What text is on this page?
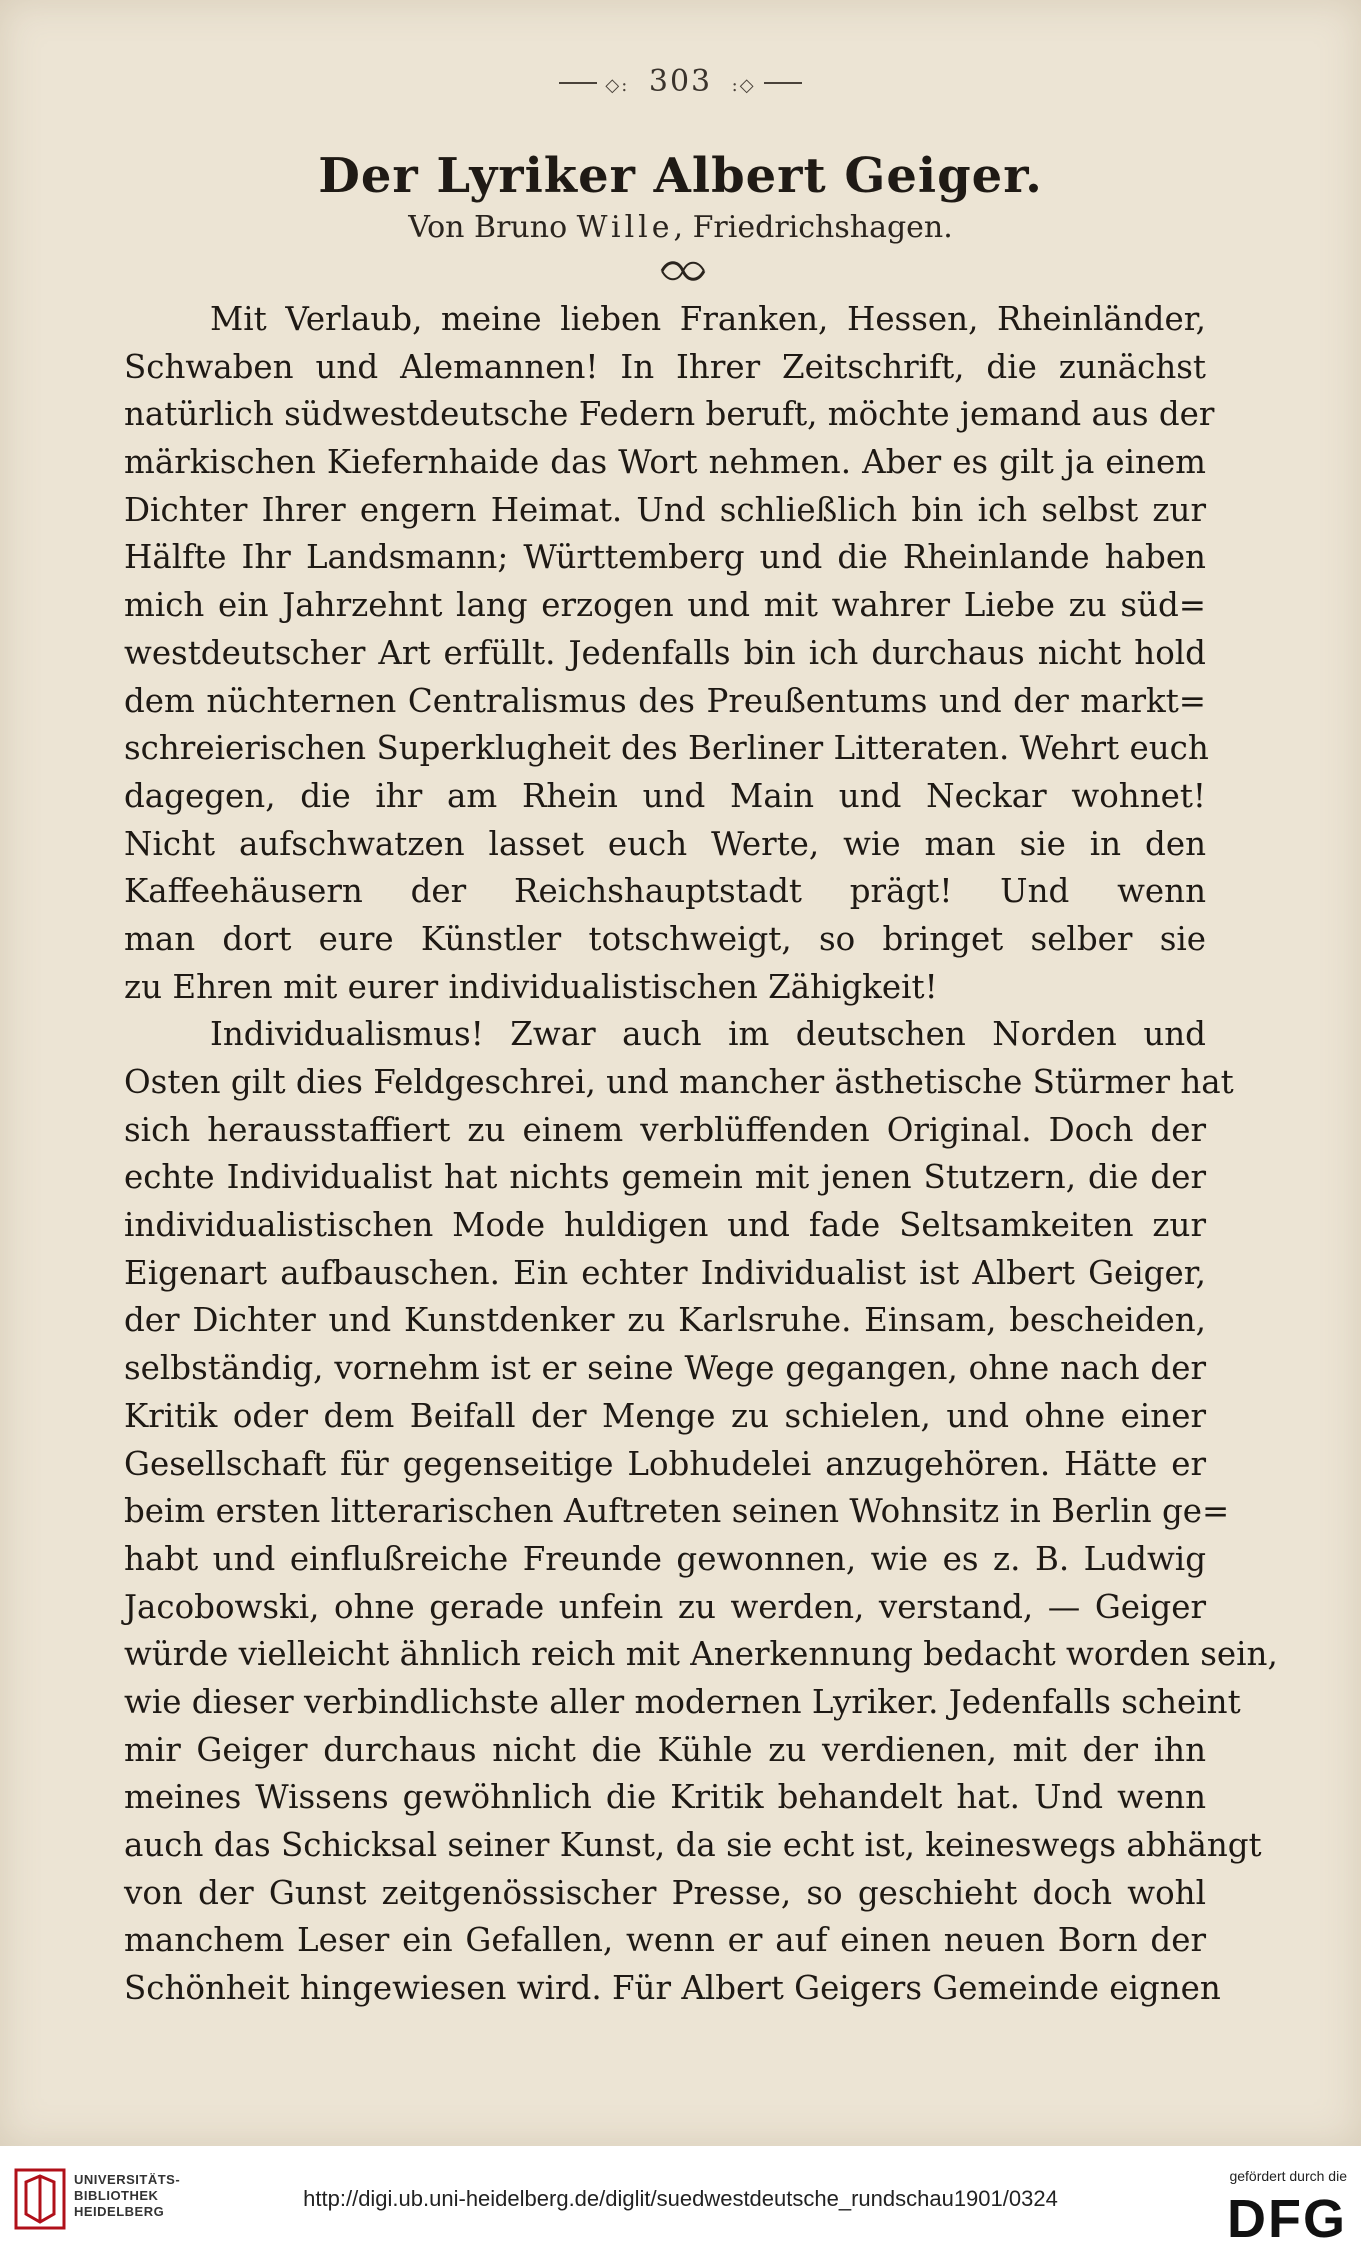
◇: 303 :◇
Der Lyriker Albert Geiger.
Von Bruno Wille, Friedrichshagen.
Mit Verlaub, meine lieben Franken, Hessen, Rheinländer,
Schwaben und Alemannen! In Ihrer Zeitschrift, die zunächst
natürlich südwestdeutsche Federn beruft, möchte jemand aus der
märkischen Kiefernhaide das Wort nehmen. Aber es gilt ja einem
Dichter Ihrer engern Heimat. Und schließlich bin ich selbst zur
Hälfte Ihr Landsmann; Württemberg und die Rheinlande haben
mich ein Jahrzehnt lang erzogen und mit wahrer Liebe zu süd=
westdeutscher Art erfüllt. Jedenfalls bin ich durchaus nicht hold
dem nüchternen Centralismus des Preußentums und der markt=
schreierischen Superklugheit des Berliner Litteraten. Wehrt euch
dagegen, die ihr am Rhein und Main und Neckar wohnet!
Nicht aufschwatzen lasset euch Werte, wie man sie in den
Kaffeehäusern der Reichshauptstadt prägt! Und wenn
man dort eure Künstler totschweigt, so bringet selber sie
zu Ehren mit eurer individualistischen Zähigkeit!
Individualismus! Zwar auch im deutschen Norden und
Osten gilt dies Feldgeschrei, und mancher ästhetische Stürmer hat
sich herausstaffiert zu einem verblüffenden Original. Doch der
echte Individualist hat nichts gemein mit jenen Stutzern, die der
individualistischen Mode huldigen und fade Seltsamkeiten zur
Eigenart aufbauschen. Ein echter Individualist ist Albert Geiger,
der Dichter und Kunstdenker zu Karlsruhe. Einsam, bescheiden,
selbständig, vornehm ist er seine Wege gegangen, ohne nach der
Kritik oder dem Beifall der Menge zu schielen, und ohne einer
Gesellschaft für gegenseitige Lobhudelei anzugehören. Hätte er
beim ersten litterarischen Auftreten seinen Wohnsitz in Berlin ge=
habt und einflußreiche Freunde gewonnen, wie es z. B. Ludwig
Jacobowski, ohne gerade unfein zu werden, verstand, — Geiger
würde vielleicht ähnlich reich mit Anerkennung bedacht worden sein,
wie dieser verbindlichste aller modernen Lyriker. Jedenfalls scheint
mir Geiger durchaus nicht die Kühle zu verdienen, mit der ihn
meines Wissens gewöhnlich die Kritik behandelt hat. Und wenn
auch das Schicksal seiner Kunst, da sie echt ist, keineswegs abhängt
von der Gunst zeitgenössischer Presse, so geschieht doch wohl
manchem Leser ein Gefallen, wenn er auf einen neuen Born der
Schönheit hingewiesen wird. Für Albert Geigers Gemeinde eignen
UNIVERSITÄTS-
BIBLIOTHEK
HEIDELBERG
http://digi.ub.uni-heidelberg.de/diglit/suedwestdeutsche_rundschau1901/0324
gefördert durch die
DFG
